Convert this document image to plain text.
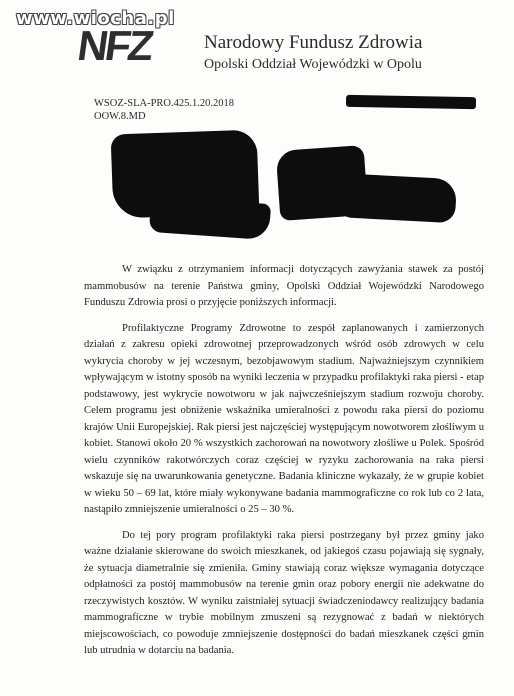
www.wiocha.pl
NFZ	Narodowy Fundusz Zdrowia
Opolski Oddział Wojewódzki w Opolu
WSOZ-SLA-PRO.425.1.20.2018
OOW.8.MD

W związku z otrzymaniem informacji dotyczących zawyżania stawek za postój mammobusów na terenie Państwa gminy, Opolski Oddział Wojewódzki Narodowego Funduszu Zdrowia prosi o przyjęcie poniższych informacji.

Profilaktyczne Programy Zdrowotne to zespół zaplanowanych i zamierzonych działań z zakresu opieki zdrowotnej przeprowadzonych wśród osób zdrowych w celu wykrycia choroby w jej wczesnym, bezobjawowym stadium. Najważniejszym czynnikiem wpływającym w istotny sposób na wyniki leczenia w przypadku profilaktyki raka piersi - etap podstawowy, jest wykrycie nowotworu w jak najwcześniejszym stadium rozwoju choroby. Celem programu jest obniżenie wskaźnika umieralności z powodu raka piersi do poziomu krajów Unii Europejskiej. Rak piersi jest najczęściej występującym nowotworem złośliwym u kobiet. Stanowi około 20 % wszystkich zachorowań na nowotwory złośliwe u Polek. Spośród wielu czynników rakotwórczych coraz częściej w ryzyku zachorowania na raka piersi wskazuje się na uwarunkowania genetyczne. Badania kliniczne wykazały, że w grupie kobiet w wieku 50 – 69 lat, które miały wykonywane badania mammograficzne co rok lub co 2 lata, nastąpiło zmniejszenie umieralności o 25 – 30 %.

Do tej pory program profilaktyki raka piersi postrzegany był przez gminy jako ważne działanie skierowane do swoich mieszkanek, od jakiegoś czasu pojawiają się sygnały, że sytuacja diametralnie się zmieniła. Gminy stawiają coraz większe wymagania dotyczące odpłatności za postój mammobusów na terenie gmin oraz pobory energii nie adekwatne do rzeczywistych kosztów. W wyniku zaistniałej sytuacji świadczeniodawcy realizujący badania mammograficzne w trybie mobilnym zmuszeni są rezygnować z badań w niektórych miejscowościach, co powoduje zmniejszenie dostępności do badań mieszkanek części gmin lub utrudnia w dotarciu na badania.
